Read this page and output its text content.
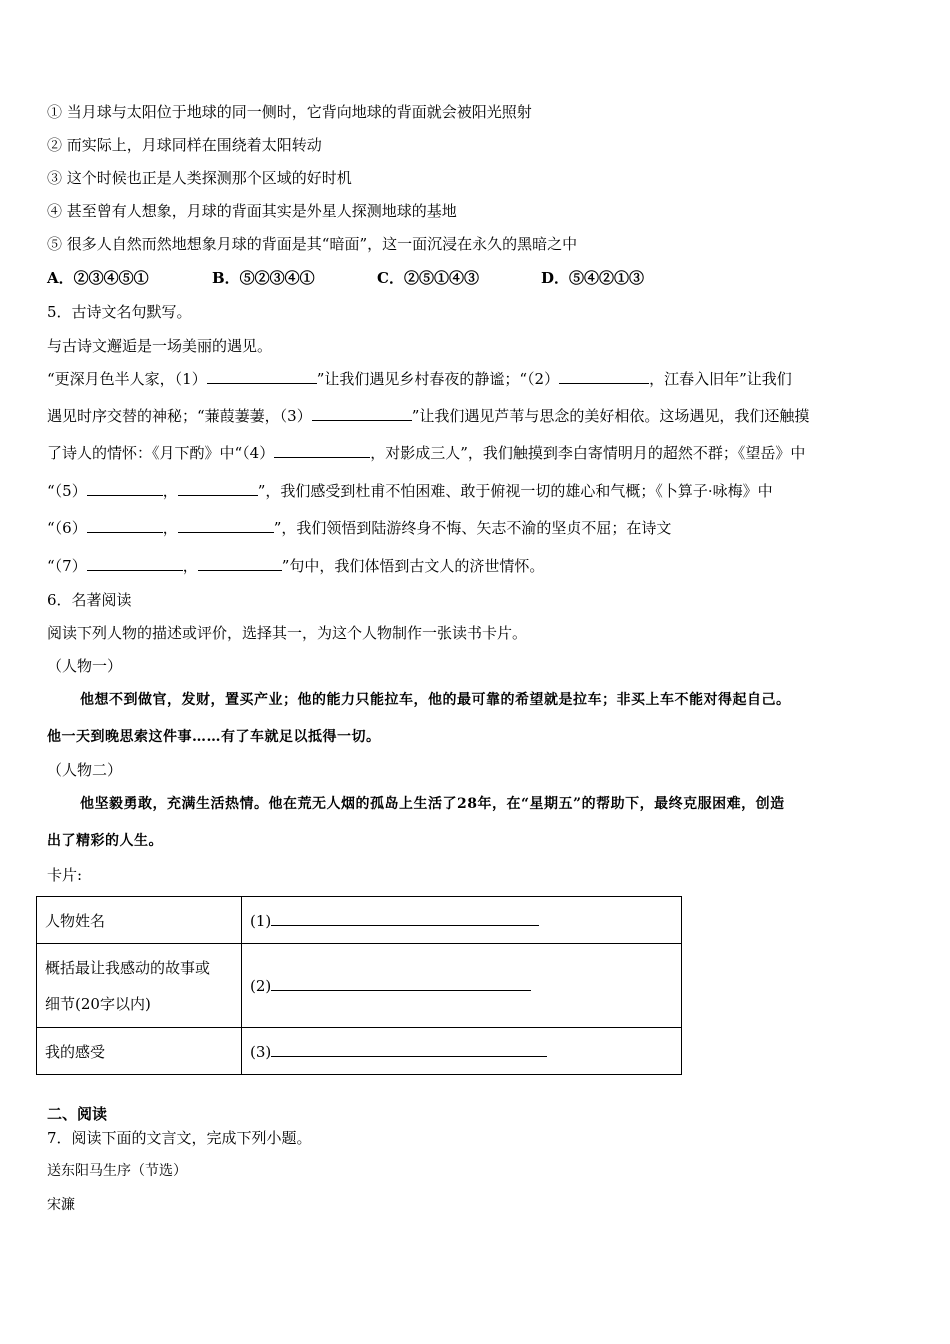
① 当月球与太阳位于地球的同一侧时，它背向地球的背面就会被阳光照射
② 而实际上，月球同样在围绕着太阳转动
③ 这个时候也正是人类探测那个区域的好时机
④ 甚至曾有人想象，月球的背面其实是外星人探测地球的基地
⑤ 很多人自然而然地想象月球的背面是其“暗面”，这一面沉浸在永久的黑暗之中
A．②③④⑤①	B．⑤②③④①	C．②⑤①④③	D．⑤④②①③
5．古诗文名句默写。
与古诗文邂逅是一场美丽的遇见。
“更深月色半人家，（1）	”让我们遇见乡村春夜的静谧；“（2）	，江春入旧年”让我们
遇见时序交替的神秘；“蒹葭萋萋，（3）	”让我们遇见芦苇与思念的美好相依。这场遇见，我们还触摸
了诗人的情怀：《月下酌》中“（4）	，对影成三人”，我们触摸到李白寄情明月的超然不群；《望岳》中
“（5）	，	”，我们感受到杜甫不怕困难、敢于俯视一切的雄心和气概；《卜算子·咏梅》中
“（6）	，	”，我们领悟到陆游终身不悔、矢志不渝的坚贞不屈；在诗文
“（7）	，	”句中，我们体悟到古文人的济世情怀。
6．名著阅读
阅读下列人物的描述或评价，选择其一，为这个人物制作一张读书卡片。
（人物一）
他想不到做官，发财，置买产业；他的能力只能拉车，他的最可靠的希望就是拉车；非买上车不能对得起自己。
他一天到晚思索这件事……有了车就足以抵得一切。
（人物二）
他坚毅勇敢，充满生活热情。他在荒无人烟的孤岛上生活了28年，在“星期五”的帮助下，最终克服困难，创造
出了精彩的人生。
卡片:
人物姓名	(1)

概括最让我感动的故事或
细节(20字以内)	(2)
我的感受	(3)
二、阅读
7．阅读下面的文言文，完成下列小题。
送东阳马生序（节选）
宋濂
